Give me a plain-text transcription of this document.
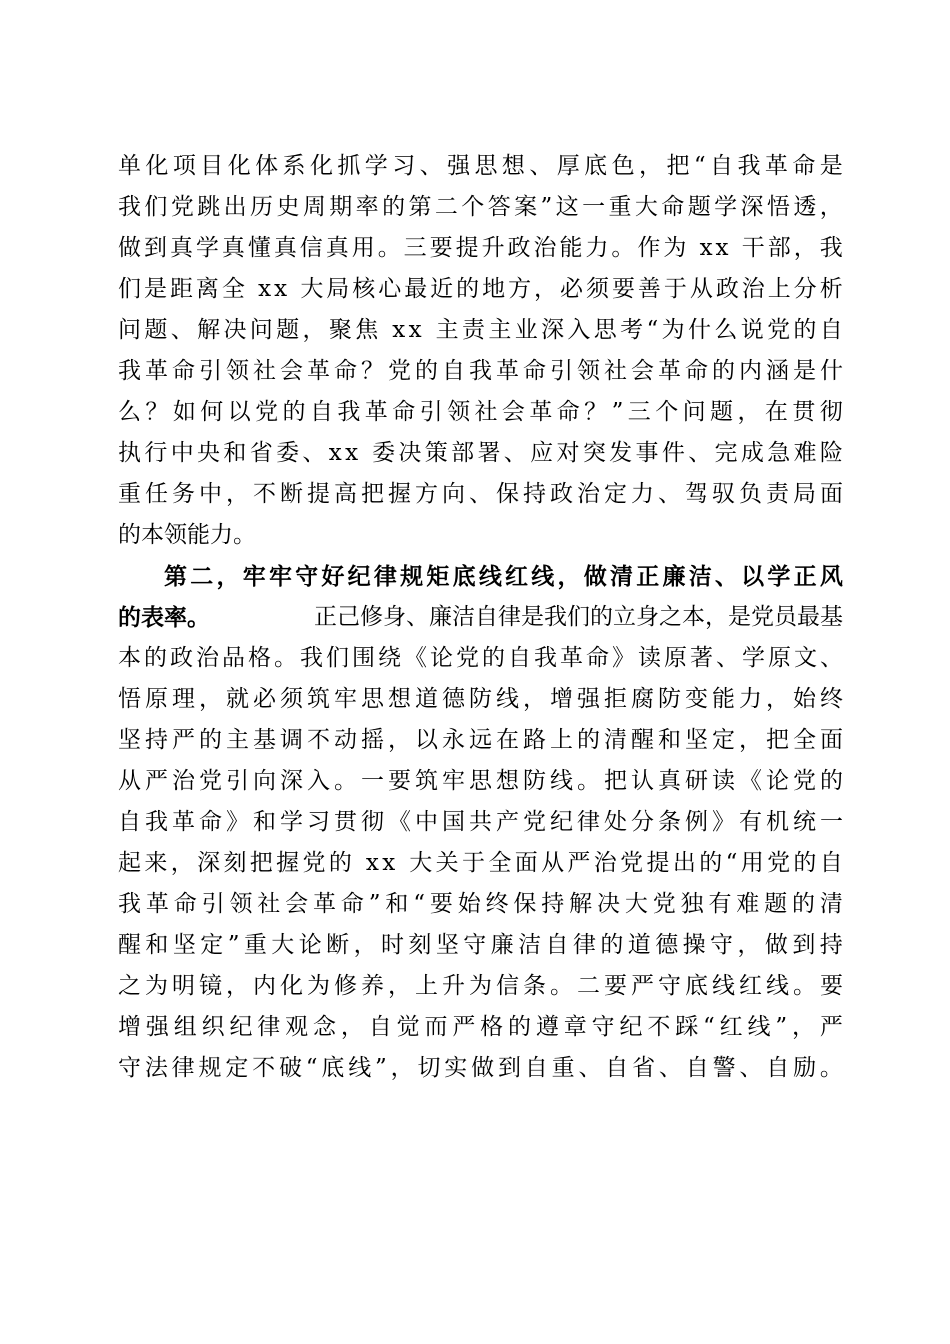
单 化 项 目 化 体 系 化 抓 学 习 、 强 思 想 、 厚 底 色 ， 把 “ 自 我 革 命 是
我 们 党 跳 出 历 史 周 期 率 的 第 二 个 答 案 ” 这 一 重 大 命 题 学 深 悟 透 ，
做 到 真 学 真 懂 真 信 真 用 。 三 要 提 升 政 治 能 力 。 作 为
x x
干 部 ， 我
们 是 距 离 全
x x
大 局 核 心 最 近 的 地 方 ， 必 须 要 善 于 从 政 治 上 分 析
问 题 、 解 决 问 题 ， 聚 焦
x x
主 责 主 业 深 入 思 考 “ 为 什 么 说 党 的 自
我 革 命 引 领 社 会 革 命 ？ 党 的 自 我 革 命 引 领 社 会 革 命 的 内 涵 是 什
么 ？ 如 何 以 党 的 自 我 革 命 引 领 社 会 革 命 ？ ” 三 个 问 题 ， 在 贯 彻
执 行 中 央 和 省 委 、 x x
委 决 策 部 署 、 应 对 突 发 事 件 、 完 成 急 难 险
重 任 务 中 ， 不 断 提 高 把 握 方 向 、 保 持 政 治 定 力 、 驾 驭 负 责 局 面
的本领能力。
第 二 ， 牢 牢 守 好 纪 律 规 矩 底 线 红 线 ， 做 清 正 廉 洁 、 以 学 正 风
的表率。	正己修身、廉洁自律是我们的立身之本，是党员最基
本 的 政 治 品 格 。 我 们 围 绕 《 论 党 的 自 我 革 命 》 读 原 著 、 学 原 文 、
悟 原 理 ， 就 必 须 筑 牢 思 想 道 德 防 线 ， 增 强 拒 腐 防 变 能 力 ， 始 终
坚 持 严 的 主 基 调 不 动 摇 ， 以 永 远 在 路 上 的 清 醒 和 坚 定 ， 把 全 面
从 严 治 党 引 向 深 入 。 一 要 筑 牢 思 想 防 线 。 把 认 真 研 读 《 论 党 的
自 我 革 命 》 和 学 习 贯 彻 《 中 国 共 产 党 纪 律 处 分 条 例 》 有 机 统 一
起 来 ， 深 刻 把 握 党 的
x x
大 关 于 全 面 从 严 治 党 提 出 的 “ 用 党 的 自
我 革 命 引 领 社 会 革 命 ” 和 “ 要 始 终 保 持 解 决 大 党 独 有 难 题 的 清
醒 和 坚 定 ” 重 大 论 断 ， 时 刻 坚 守 廉 洁 自 律 的 道 德 操 守 ， 做 到 持
之 为 明 镜 ， 内 化 为 修 养 ， 上 升 为 信 条 。 二 要 严 守 底 线 红 线 。 要
增 强 组 织 纪 律 观 念 ， 自 觉 而 严 格 的 遵 章 守 纪 不 踩 “ 红 线 ” ， 严
守 法 律 规 定 不 破 “ 底 线 ” ， 切 实 做 到 自 重 、 自 省 、 自 警 、 自 励 。
